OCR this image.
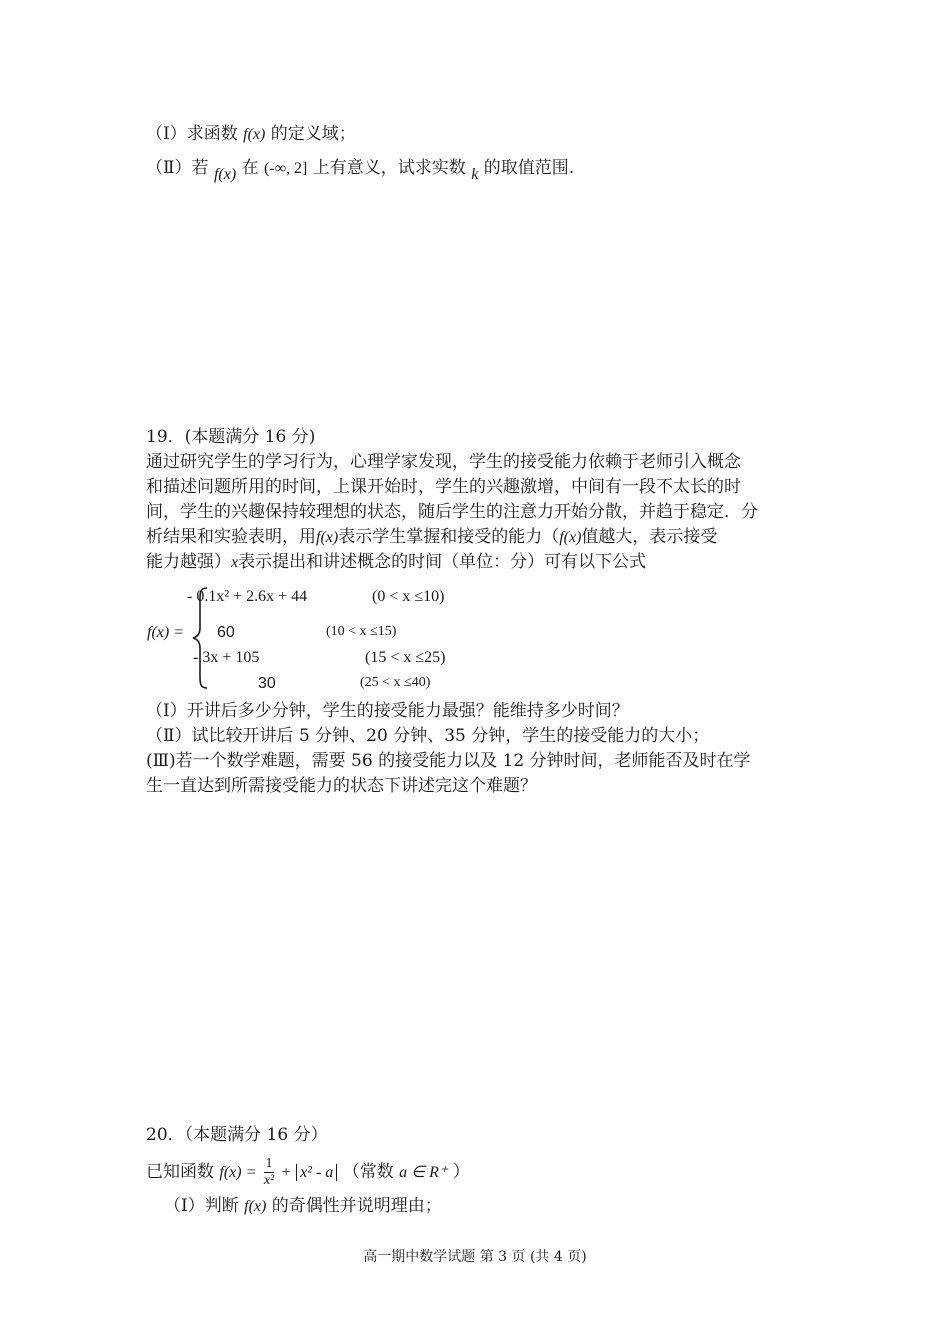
（Ⅰ）求函数 f(x) 的定义域；
（Ⅱ）若 f(x) 在 (-∞, 2] 上有意义，试求实数 k 的取值范围.
19．(本题满分 16 分)
通过研究学生的学习行为，心理学家发现，学生的接受能力依赖于老师引入概念
和描述问题所用的时间，上课开始时，学生的兴趣激增，中间有一段不太长的时
间，学生的兴趣保持较理想的状态，随后学生的注意力开始分散，并趋于稳定．分
析结果和实验表明，用f(x)表示学生掌握和接受的能力（f(x)值越大，表示接受
能力越强）x表示提出和讲述概念的时间（单位：分）可有以下公式
f(x) =
- 0.1x² + 2.6x + 44	(0 < x ≤10)
60	(10 < x ≤15)
- 3x + 105	(15 < x ≤25)
30	(25 < x ≤40)
（Ⅰ）开讲后多少分钟，学生的接受能力最强？能维持多少时间？
（Ⅱ）试比较开讲后 5 分钟、20 分钟、35 分钟，学生的接受能力的大小；
(Ⅲ)若一个数学难题，需要 56 的接受能力以及 12 分钟时间，老师能否及时在学
生一直达到所需接受能力的状态下讲述完这个难题？
20．（本题满分 16 分）
已知函数 $f(x) = \frac{1}{\text{x²}} + x^2 - a$ （常数 a ∈ R⁺ ）
（Ⅰ）判断 f(x) 的奇偶性并说明理由；
高一期中数学试题 第 3 页 (共 4 页)
